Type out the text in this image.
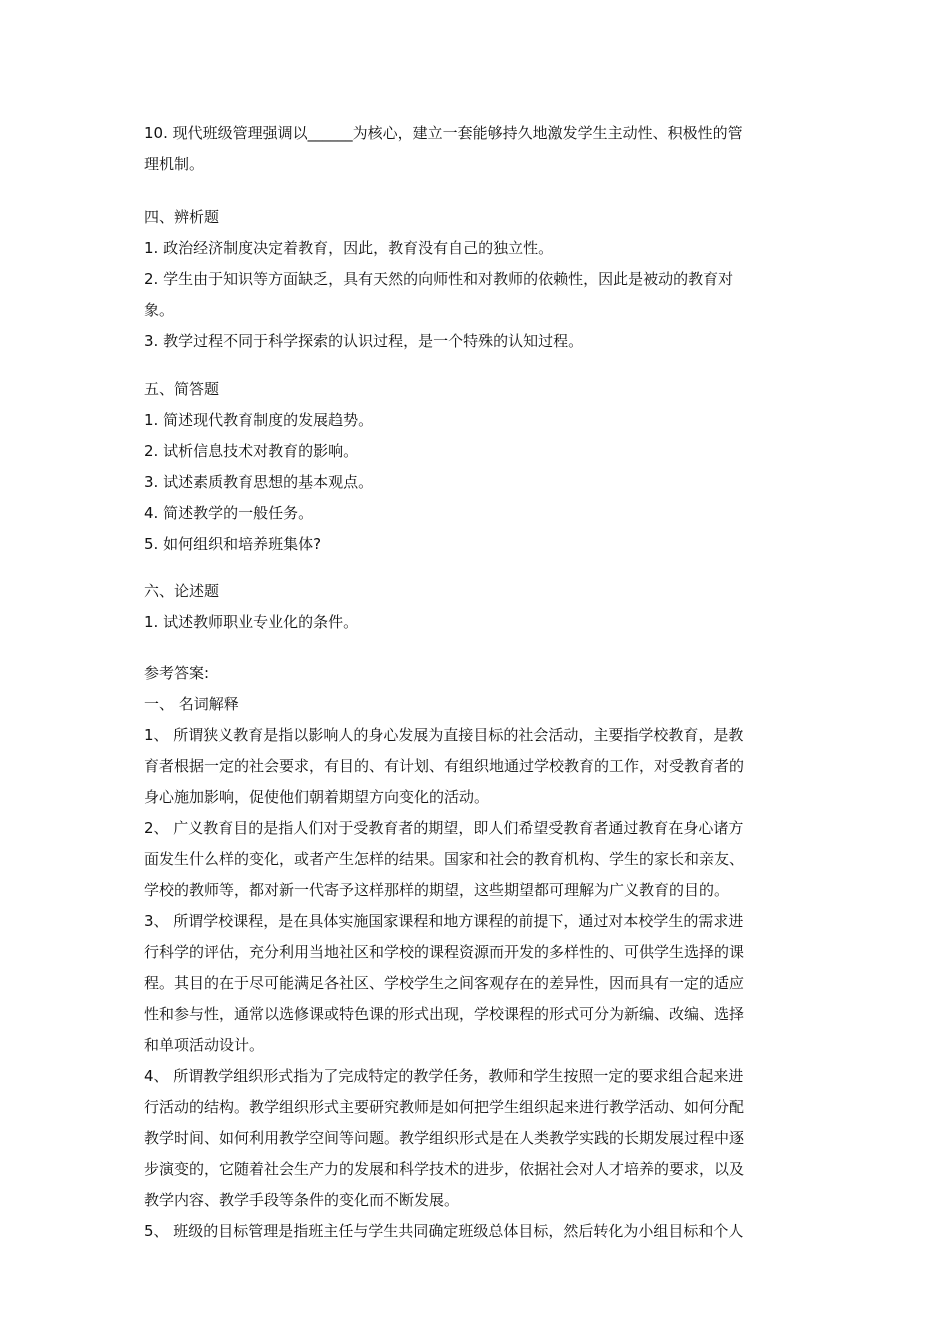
10. 现代班级管理强调以______为核心，建立一套能够持久地激发学生主动性、积极性的管
理机制。
四、辨析题
1. 政治经济制度决定着教育，因此，教育没有自己的独立性。
2. 学生由于知识等方面缺乏，具有天然的向师性和对教师的依赖性，因此是被动的教育对
象。
3. 教学过程不同于科学探索的认识过程，是一个特殊的认知过程。
五、简答题
1. 简述现代教育制度的发展趋势。
2. 试析信息技术对教育的影响。
3. 试述素质教育思想的基本观点。
4. 简述教学的一般任务。
5. 如何组织和培养班集体?
六、论述题
1. 试述教师职业专业化的条件。
参考答案:
一、 名词解释
1、 所谓狭义教育是指以影响人的身心发展为直接目标的社会活动，主要指学校教育，是教
育者根据一定的社会要求，有目的、有计划、有组织地通过学校教育的工作，对受教育者的
身心施加影响，促使他们朝着期望方向变化的活动。
2、 广义教育目的是指人们对于受教育者的期望，即人们希望受教育者通过教育在身心诸方
面发生什么样的变化，或者产生怎样的结果。国家和社会的教育机构、学生的家长和亲友、
学校的教师等，都对新一代寄予这样那样的期望，这些期望都可理解为广义教育的目的。
3、 所谓学校课程，是在具体实施国家课程和地方课程的前提下，通过对本校学生的需求进
行科学的评估，充分利用当地社区和学校的课程资源而开发的多样性的、可供学生选择的课
程。其目的在于尽可能满足各社区、学校学生之间客观存在的差异性，因而具有一定的适应
性和参与性，通常以选修课或特色课的形式出现，学校课程的形式可分为新编、改编、选择
和单项活动设计。
4、 所谓教学组织形式指为了完成特定的教学任务，教师和学生按照一定的要求组合起来进
行活动的结构。教学组织形式主要研究教师是如何把学生组织起来进行教学活动、如何分配
教学时间、如何利用教学空间等问题。教学组织形式是在人类教学实践的长期发展过程中逐
步演变的，它随着社会生产力的发展和科学技术的进步，依据社会对人才培养的要求，以及
教学内容、教学手段等条件的变化而不断发展。
5、 班级的目标管理是指班主任与学生共同确定班级总体目标，然后转化为小组目标和个人
